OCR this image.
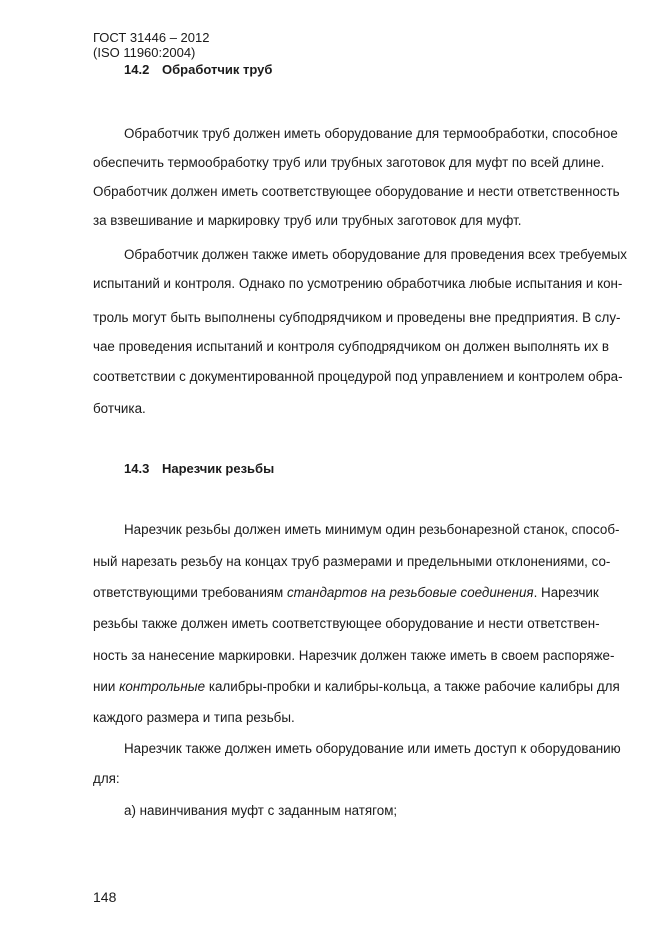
ГОСТ 31446 – 2012
(ISO 11960:2004)
14.2 Обработчик труб
Обработчик труб должен иметь оборудование для термообработки, способное
обеспечить термообработку труб или трубных заготовок для муфт по всей длине.
Обработчик должен иметь соответствующее оборудование и нести ответственность
за взвешивание и маркировку труб или трубных заготовок для муфт.
Обработчик должен также иметь оборудование для проведения всех требуемых
испытаний и контроля. Однако по усмотрению обработчика любые испытания и кон-
троль могут быть выполнены субподрядчиком и проведены вне предприятия. В слу-
чае проведения испытаний и контроля субподрядчиком он должен выполнять их в
соответствии с документированной процедурой под управлением и контролем обра-
ботчика.
14.3 Нарезчик резьбы
Нарезчик резьбы должен иметь минимум один резьбонарезной станок, способ-
ный нарезать резьбу на концах труб размерами и предельными отклонениями, со-
ответствующими требованиям стандартов на резьбовые соединения. Нарезчик
резьбы также должен иметь соответствующее оборудование и нести ответствен-
ность за нанесение маркировки. Нарезчик должен также иметь в своем распоряже-
нии контрольные калибры-пробки и калибры-кольца, а также рабочие калибры для
каждого размера и типа резьбы.
Нарезчик также должен иметь оборудование или иметь доступ к оборудованию
для:
а) навинчивания муфт с заданным натягом;
148
